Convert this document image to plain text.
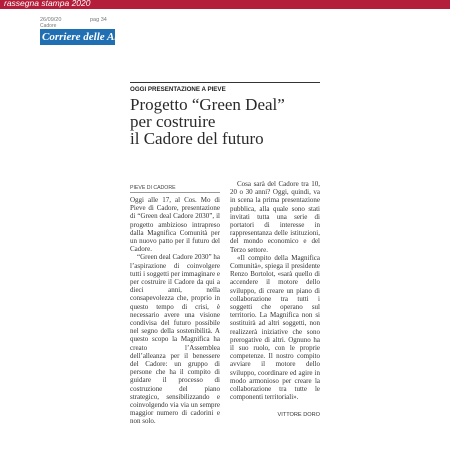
rassegna stampa 2020
26/09/20	pag 34
Cadore
Corriere delle Alpi
OGGI PRESENTAZIONE A PIEVE
Progetto “Green Deal”
per costruire
il Cadore del futuro
PIEVE DI CADORE

Oggi alle 17, al Cos. Mo di Pieve di Cadore, presentazione di “Green deal Cadore 2030”, il progetto ambizioso intrapreso dalla Magnifica Comunità per un nuovo patto per il futuro del Cadore.

“Green deal Cadore 2030” ha l’aspirazione di coinvolgere tutti i soggetti per immaginare e per costruire il Cadore da qui a dieci anni, nella consapevolezza che, proprio in questo tempo di crisi, è necessario avere una visione condivisa del futuro possibile nel segno della sostenibilità. A questo scopo la Magnifica ha creato l’Assemblea dell’alleanza per il benessere del Cadore: un gruppo di persone che ha il compito di guidare il processo di costruzione del piano strategico, sensibilizzando e coinvolgendo via via un sempre maggior numero di cadorini e non solo.

Cosa sarà del Cadore tra 10, 20 o 30 anni? Oggi, quindi, va in scena la prima presentazione pubblica, alla quale sono stati invitati tutta una serie di portatori di interesse in rappresentanza delle istituzioni, del mondo economico e del Terzo settore.

«Il compito della Magnifica Comunità», spiega il presidente Renzo Bortolot, «sarà quello di accendere il motore dello sviluppo, di creare un piano di collaborazione tra tutti i soggetti che operano sul territorio. La Magnifica non si sostituirà ad altri soggetti, non realizzerà iniziative che sono prerogative di altri. Ognuno ha il suo ruolo, con le proprie competenze. Il nostro compito avviare il motore dello sviluppo, coordinare ed agire in modo armonioso per creare la collaborazione tra tutte le componenti territoriali».

VITTORE DORO
